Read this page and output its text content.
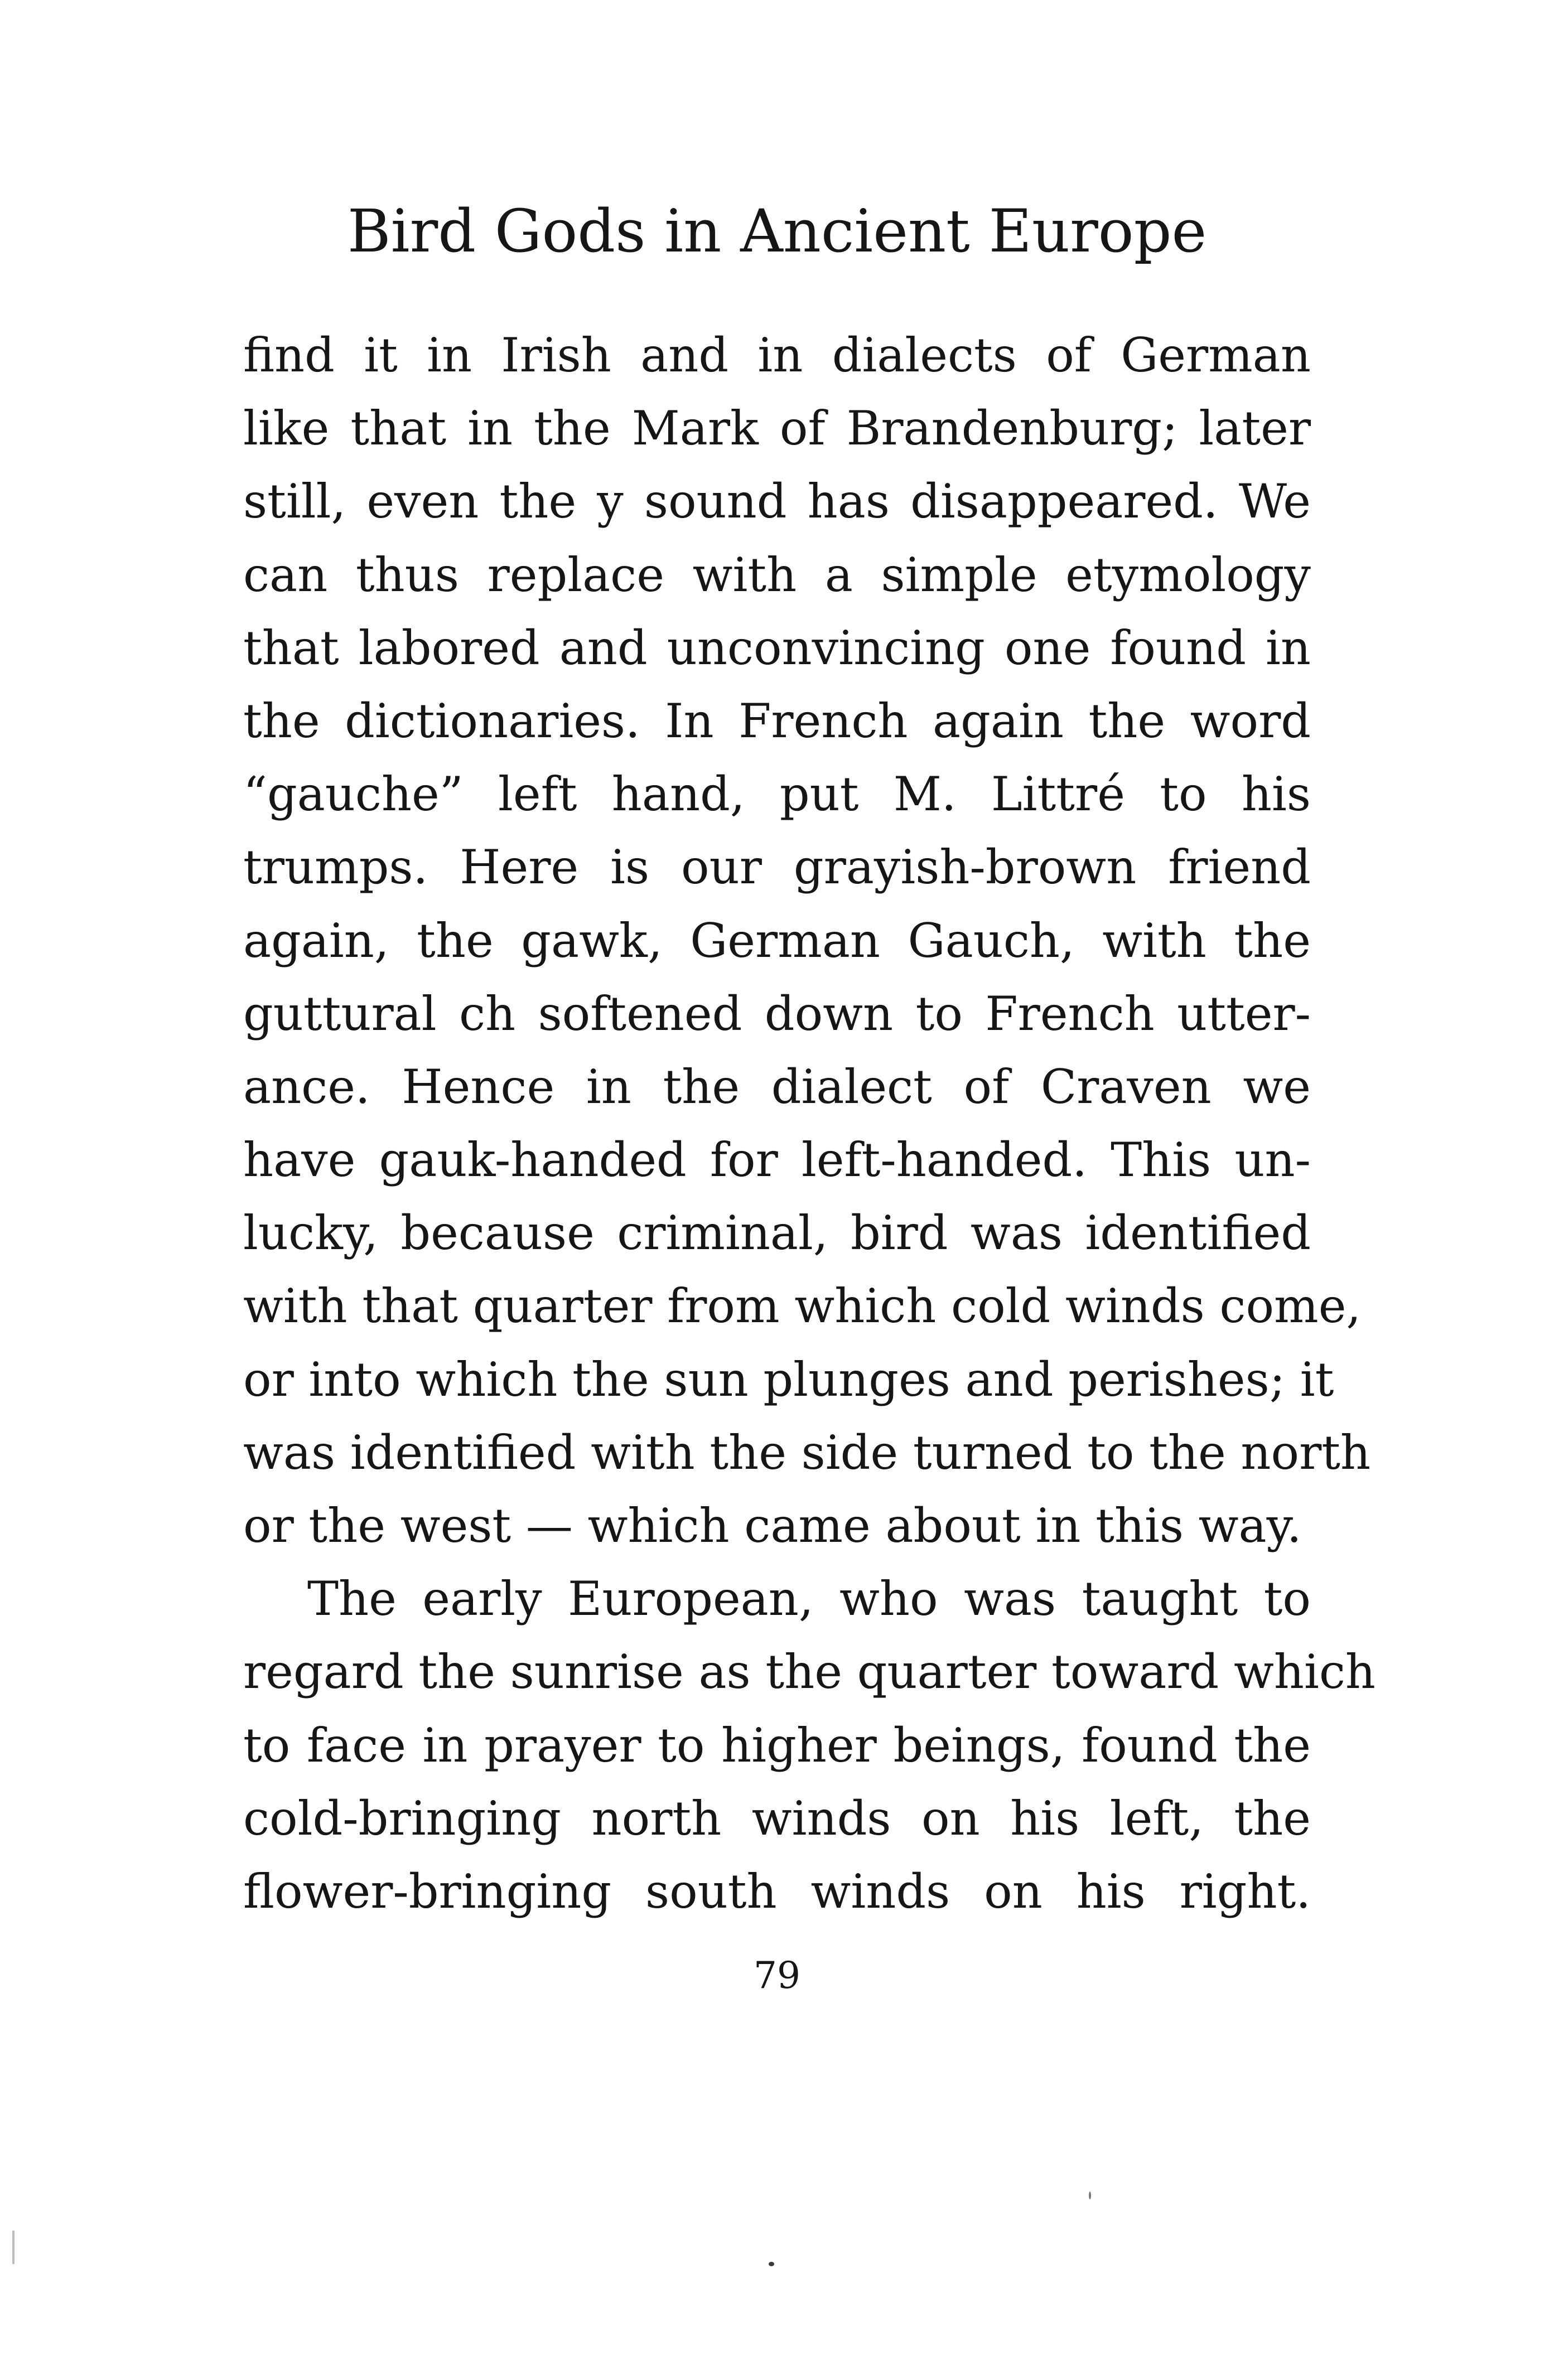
Bird Gods in Ancient Europe
find it in Irish and in dialects of German
like that in the Mark of Brandenburg; later
still, even the y sound has disappeared. We
can thus replace with a simple etymology
that labored and unconvincing one found in
the dictionaries. In French again the word
“gauche” left hand, put M. Littré to his
trumps. Here is our grayish-brown friend
again, the gawk, German Gauch, with the
guttural ch softened down to French utter-
ance. Hence in the dialect of Craven we
have gauk-handed for left-handed. This un-
lucky, because criminal, bird was identified
with that quarter from which cold winds come,
or into which the sun plunges and perishes; it
was identified with the side turned to the north
or the west — which came about in this way.
The early European, who was taught to
regard the sunrise as the quarter toward which
to face in prayer to higher beings, found the
cold-bringing north winds on his left, the
flower-bringing south winds on his right.
79
